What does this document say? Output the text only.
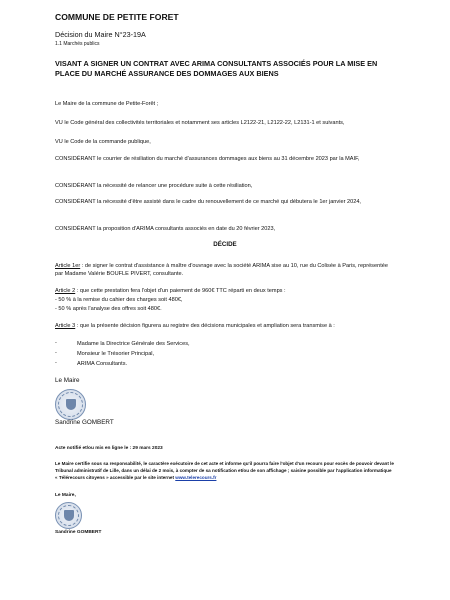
COMMUNE DE PETITE FORET
Décision du Maire N°23-19A
1.1 Marchés publics
VISANT A SIGNER UN CONTRAT AVEC ARIMA CONSULTANTS ASSOCIÉS POUR LA MISE EN PLACE DU MARCHÉ ASSURANCE DES DOMMAGES AUX BIENS
Le Maire de la commune de Petite-Forêt ;
VU le Code général des collectivités territoriales et notamment ses articles L2122-21, L2122-22, L2131-1 et suivants,
VU le Code de la commande publique,
CONSIDÉRANT le courrier de résiliation du marché d'assurances dommages aux biens au 31 décembre 2023 par la MAIF,
CONSIDÉRANT la nécessité de relancer une procédure suite à cette résiliation,
CONSIDÉRANT la nécessité d'être assisté dans le cadre du renouvellement de ce marché qui débutera le 1er janvier 2024,
CONSIDÉRANT la proposition d'ARIMA consultants associés en date du 20 février 2023,
DÉCIDE
Article 1er : de signer le contrat d'assistance à maître d'ouvrage avec la société ARIMA sise au 10, rue du Colisée à Paris, représentée par Madame Valérie BOUFLE PIVERT, consultante.
Article 2 : que cette prestation fera l'objet d'un paiement de 960€ TTC réparti en deux temps :
- 50 % à la remise du cahier des charges soit 480€,
- 50 % après l'analyse des offres soit 480€.
Article 3 : que la présente décision figurera au registre des décisions municipales et ampliation sera transmise à :
-	Madame la Directrice Générale des Services,
-	Monsieur le Trésorier Principal,
-	ARIMA Consultants.
Le Maire
Sandrine GOMBERT
Acte notifié et/ou mis en ligne le : 29 mars 2023
Le Maire certifie sous sa responsabilité, le caractère exécutoire de cet acte et informe qu'il pourra faire l'objet d'un recours pour excès de pouvoir devant le Tribunal administratif de Lille, dans un délai de 2 mois, à compter de sa notification et/ou de son affichage ; saisine possible par l'application informatique « Télérecours citoyens » accessible par le site internet www.telerecours.fr
Le Maire,
Sandrine GOMBERT
